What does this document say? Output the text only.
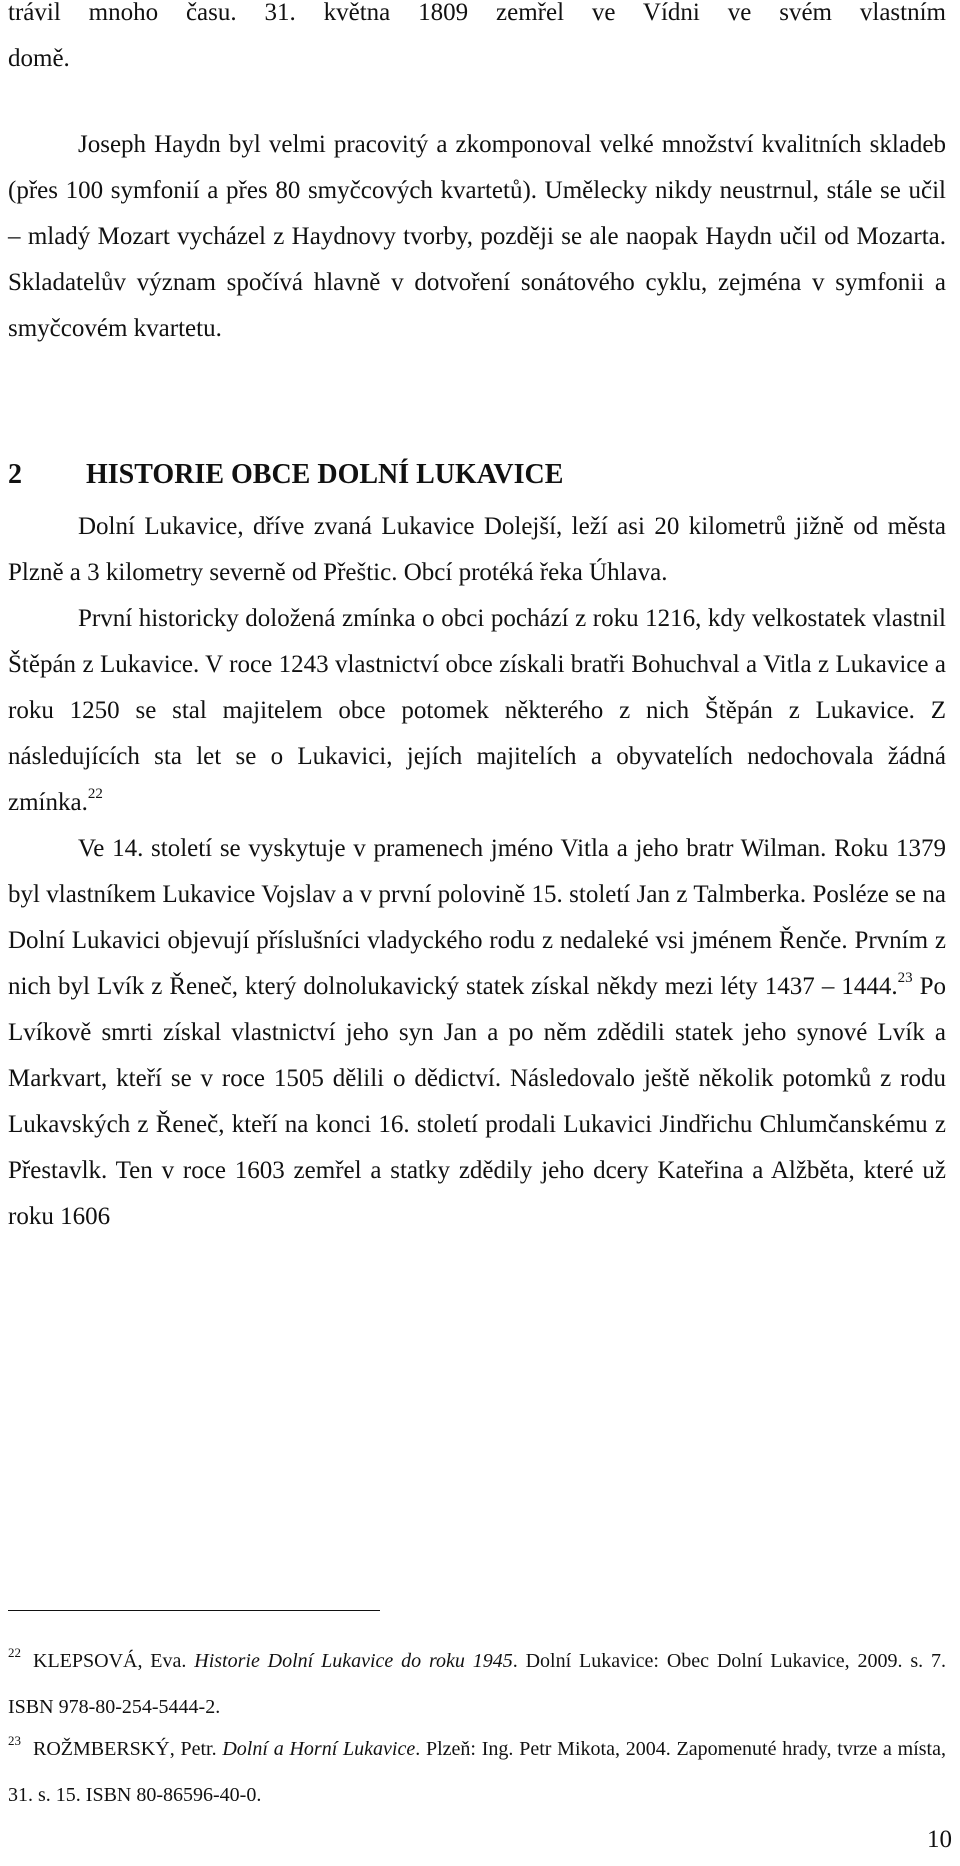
trávil mnoho času. 31. května 1809 zemřel ve Vídni ve svém vlastním

domě.

Joseph Haydn byl velmi pracovitý a zkomponoval velké množství kvalitních skladeb (přes 100 symfonií a přes 80 smyčcových kvartetů). Umělecky nikdy neustrnul, stále se učil – mladý Mozart vycházel z Haydnovy tvorby, později se ale naopak Haydn učil od Mozarta. Skladatelův význam spočívá hlavně v dotvoření sonátového cyklu, zejména v symfonii a smyčcovém kvartetu.

2	HISTORIE OBCE DOLNÍ LUKAVICE

Dolní Lukavice, dříve zvaná Lukavice Dolejší, leží asi 20 kilometrů jižně od města Plzně a 3 kilometry severně od Přeštic. Obcí protéká řeka Úhlava.

První historicky doložená zmínka o obci pochází z roku 1216, kdy velkostatek vlastnil Štěpán z Lukavice. V roce 1243 vlastnictví obce získali bratři Bohuchval a Vitla z Lukavice a roku 1250 se stal majitelem obce potomek některého z nich Štěpán z Lukavice. Z následujících sta let se o Lukavici, jejích majitelích a obyvatelích nedochovala žádná zmínka.$^{22}$

Ve 14. století se vyskytuje v pramenech jméno Vitla a jeho bratr Wilman. Roku 1379 byl vlastníkem Lukavice Vojslav a v první polovině 15. století Jan z Talmberka. Posléze se na Dolní Lukavici objevují příslušníci vladyckého rodu z nedaleké vsi jménem Řenče. Prvním z nich byl Lvík z Řeneč, který dolnolukavický statek získal někdy mezi léty 1437 – 1444.23 Po Lvíkově smrti získal vlastnictví jeho syn Jan a po něm zdědili statek jeho synové Lvík a Markvart, kteří se v roce 1505 dělili o dědictví. Následovalo ještě několik potomků z rodu Lukavských z Řeneč, kteří na konci 16. století prodali Lukavici Jindřichu Chlumčanskému z Přestavlk. Ten v roce 1603 zemřel a statky zdědily jeho dcery Kateřina a Alžběta, které už roku 1606

$^{22}$ KLEPSOVÁ, Eva. Historie Dolní Lukavice do roku 1945. Dolní Lukavice: Obec Dolní Lukavice, 2009. s. 7. ISBN 978-80-254-5444-2.

$^{23}$ ROŽMBERSKÝ, Petr. Dolní a Horní Lukavice. Plzeň: Ing. Petr Mikota, 2004. Zapomenuté hrady, tvrze a místa, 31. s. 15. ISBN 80-86596-40-0.

10
